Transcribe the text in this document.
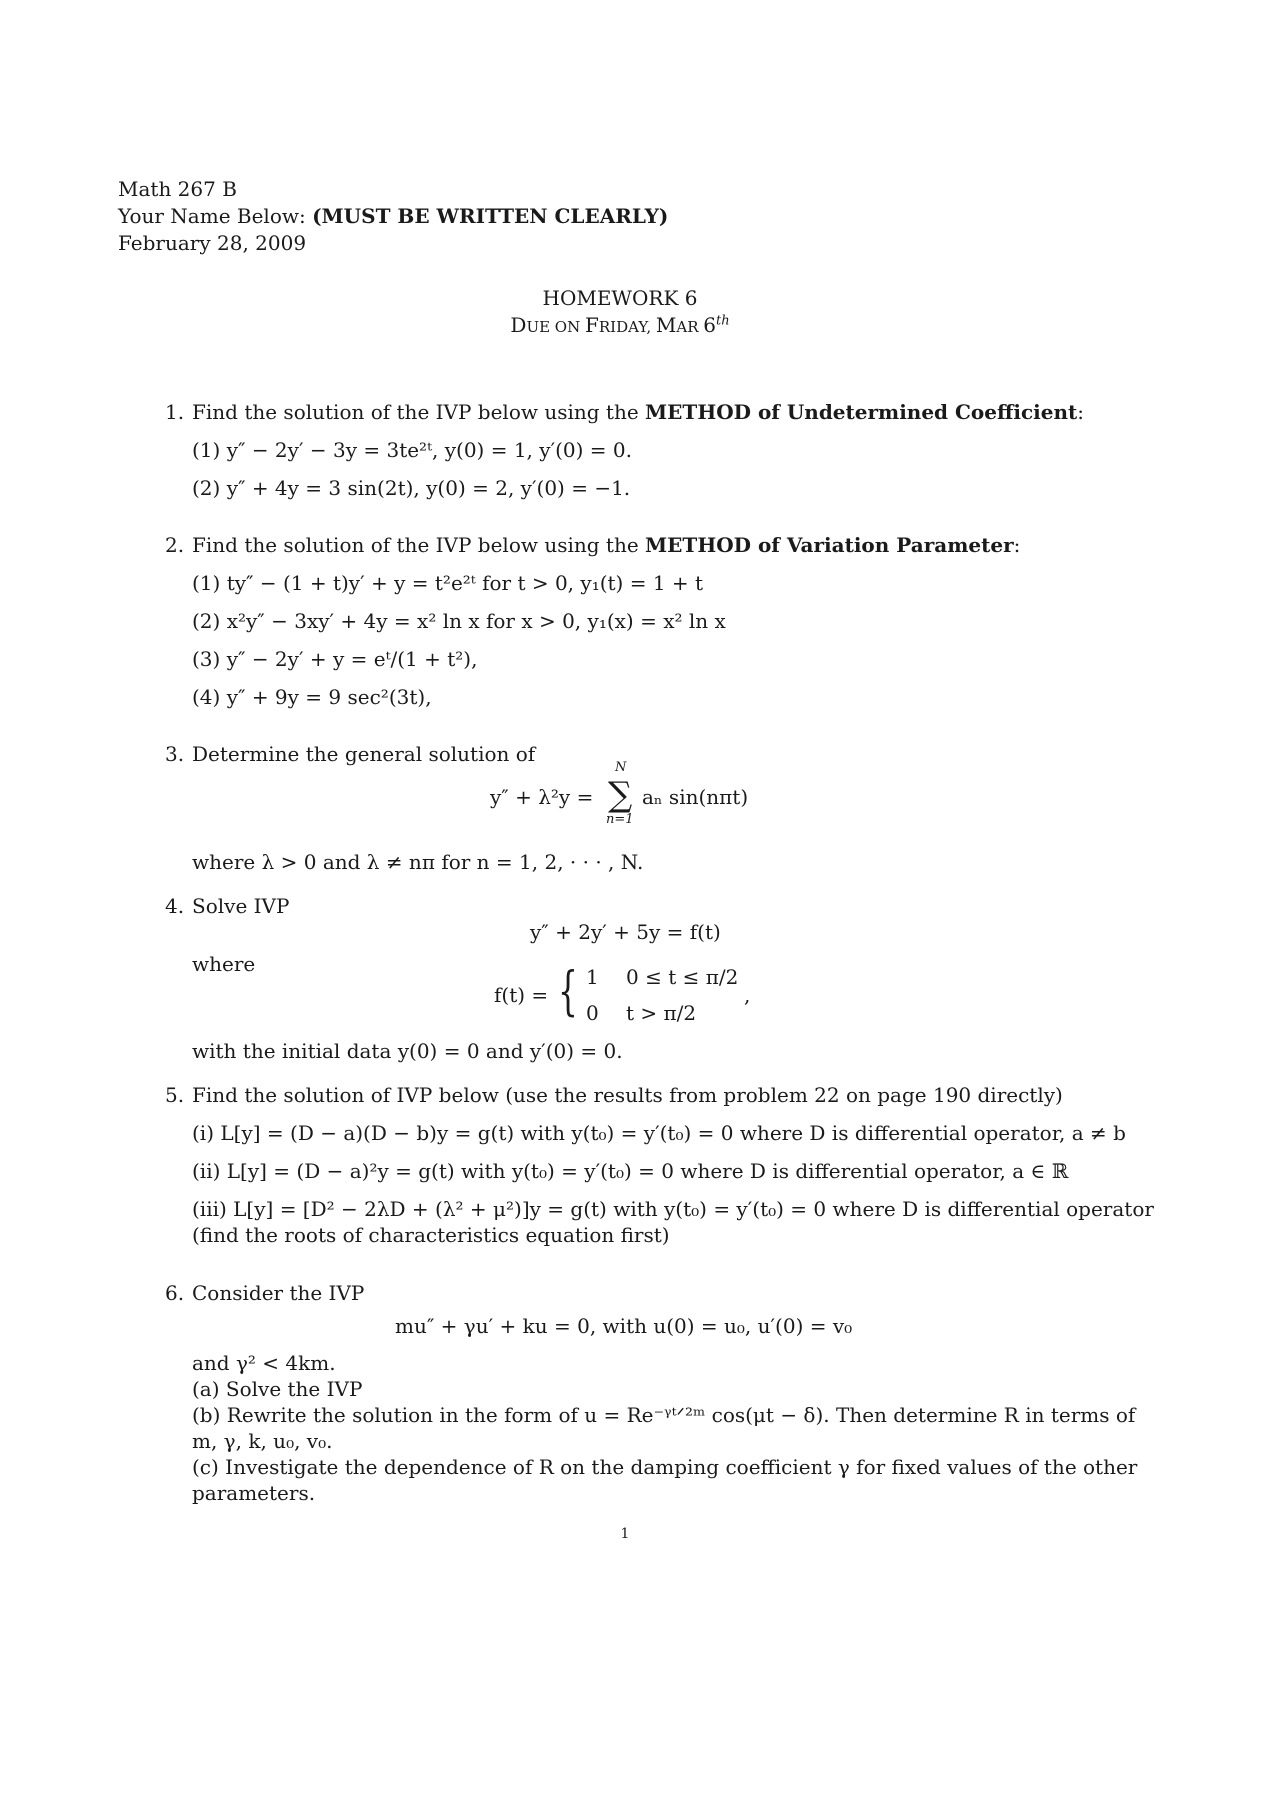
Math 267 B
Your Name Below: (MUST BE WRITTEN CLEARLY)
February 28, 2009
HOMEWORK 6
DUE ON FRIDAY, MAR 6th
1. Find the solution of the IVP below using the METHOD of Undetermined Coefficient:
(1) y″ − 2y′ − 3y = 3te²ᵗ, y(0) = 1, y′(0) = 0.
(2) y″ + 4y = 3 sin(2t), y(0) = 2, y′(0) = −1.
2. Find the solution of the IVP below using the METHOD of Variation Parameter:
(1) ty″ − (1 + t)y′ + y = t²e²ᵗ for t > 0, y₁(t) = 1 + t
(2) x²y″ − 3xy′ + 4y = x² ln x for x > 0, y₁(x) = x² ln x
(3) y″ − 2y′ + y = eᵗ/(1 + t²),
(4) y″ + 9y = 9 sec²(3t),
3. Determine the general solution of
y″ + λ²y =
N
∑
n=1
aₙ sin(nπt)
where λ > 0 and λ ≠ nπ for n = 1, 2, · · · , N.
4. Solve IVP
y″ + 2y′ + 5y = f(t)
where
f(t) = { 1 0 ≤ t ≤ π/2
0 t > π/2
,
with the initial data y(0) = 0 and y′(0) = 0.
5. Find the solution of IVP below (use the results from problem 22 on page 190 directly)
(i) L[y] = (D − a)(D − b)y = g(t) with y(t₀) = y′(t₀) = 0 where D is differential operator, a ≠ b
(ii) L[y] = (D − a)²y = g(t) with y(t₀) = y′(t₀) = 0 where D is differential operator, a ∈ ℝ
(iii) L[y] = [D² − 2λD + (λ² + μ²)]y = g(t) with y(t₀) = y′(t₀) = 0 where D is differential operator
(find the roots of characteristics equation first)
6. Consider the IVP
mu″ + γu′ + ku = 0, with u(0) = u₀, u′(0) = v₀
and γ² < 4km.
(a) Solve the IVP
(b) Rewrite the solution in the form of u = Re⁻ᵞᵗᐟ²ᵐ cos(μt − δ). Then determine R in terms of
m, γ, k, u₀, v₀.
(c) Investigate the dependence of R on the damping coefficient γ for fixed values of the other
parameters.
1
